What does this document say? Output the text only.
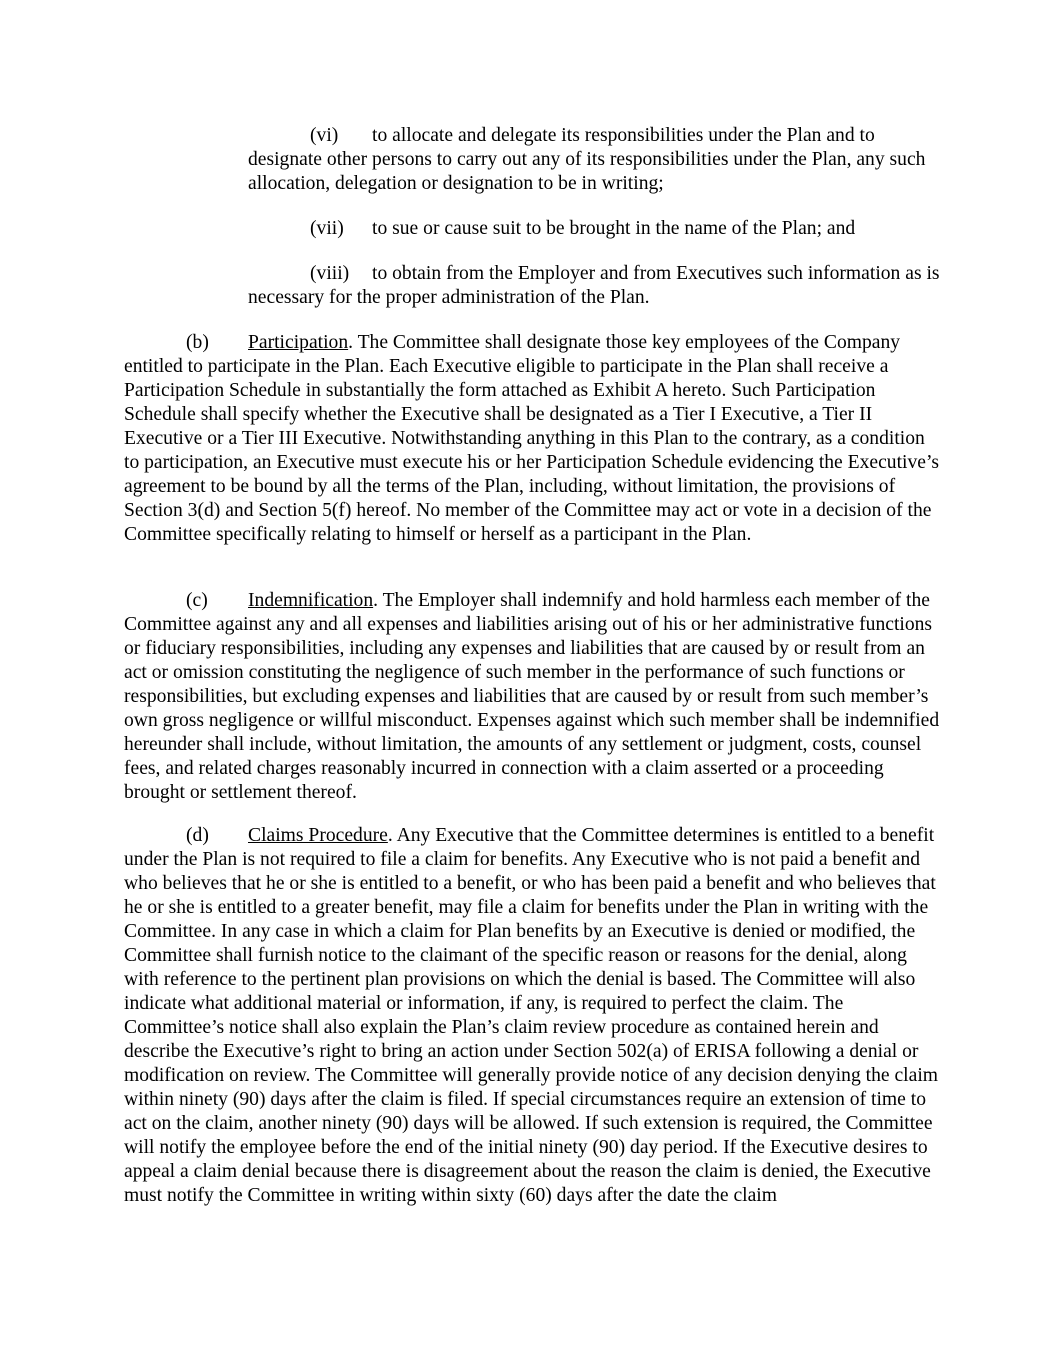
(vi) to allocate and delegate its responsibilities under the Plan and to designate other persons to carry out any of its responsibilities under the Plan, any such allocation, delegation or designation to be in writing;

(vii) to sue or cause suit to be brought in the name of the Plan; and

(viii) to obtain from the Employer and from Executives such information as is necessary for the proper administration of the Plan.

(b) Participation. The Committee shall designate those key employees of the Company entitled to participate in the Plan. Each Executive eligible to participate in the Plan shall receive a Participation Schedule in substantially the form attached as Exhibit A hereto. Such Participation Schedule shall specify whether the Executive shall be designated as a Tier I Executive, a Tier II Executive or a Tier III Executive. Notwithstanding anything in this Plan to the contrary, as a condition to participation, an Executive must execute his or her Participation Schedule evidencing the Executive’s agreement to be bound by all the terms of the Plan, including, without limitation, the provisions of Section 3(d) and Section 5(f) hereof. No member of the Committee may act or vote in a decision of the Committee specifically relating to himself or herself as a participant in the Plan.

(c) Indemnification. The Employer shall indemnify and hold harmless each member of the Committee against any and all expenses and liabilities arising out of his or her administrative functions or fiduciary responsibilities, including any expenses and liabilities that are caused by or result from an act or omission constituting the negligence of such member in the performance of such functions or responsibilities, but excluding expenses and liabilities that are caused by or result from such member’s own gross negligence or willful misconduct. Expenses against which such member shall be indemnified hereunder shall include, without limitation, the amounts of any settlement or judgment, costs, counsel fees, and related charges reasonably incurred in connection with a claim asserted or a proceeding brought or settlement thereof.

(d) Claims Procedure. Any Executive that the Committee determines is entitled to a benefit under the Plan is not required to file a claim for benefits. Any Executive who is not paid a benefit and who believes that he or she is entitled to a benefit, or who has been paid a benefit and who believes that he or she is entitled to a greater benefit, may file a claim for benefits under the Plan in writing with the Committee. In any case in which a claim for Plan benefits by an Executive is denied or modified, the Committee shall furnish notice to the claimant of the specific reason or reasons for the denial, along with reference to the pertinent plan provisions on which the denial is based. The Committee will also indicate what additional material or information, if any, is required to perfect the claim. The Committee’s notice shall also explain the Plan’s claim review procedure as contained herein and describe the Executive’s right to bring an action under Section 502(a) of ERISA following a denial or modification on review. The Committee will generally provide notice of any decision denying the claim within ninety (90) days after the claim is filed. If special circumstances require an extension of time to act on the claim, another ninety (90) days will be allowed. If such extension is required, the Committee will notify the employee before the end of the initial ninety (90) day period. If the Executive desires to appeal a claim denial because there is disagreement about the reason the claim is denied, the Executive must notify the Committee in writing within sixty (60) days after the date the claim
